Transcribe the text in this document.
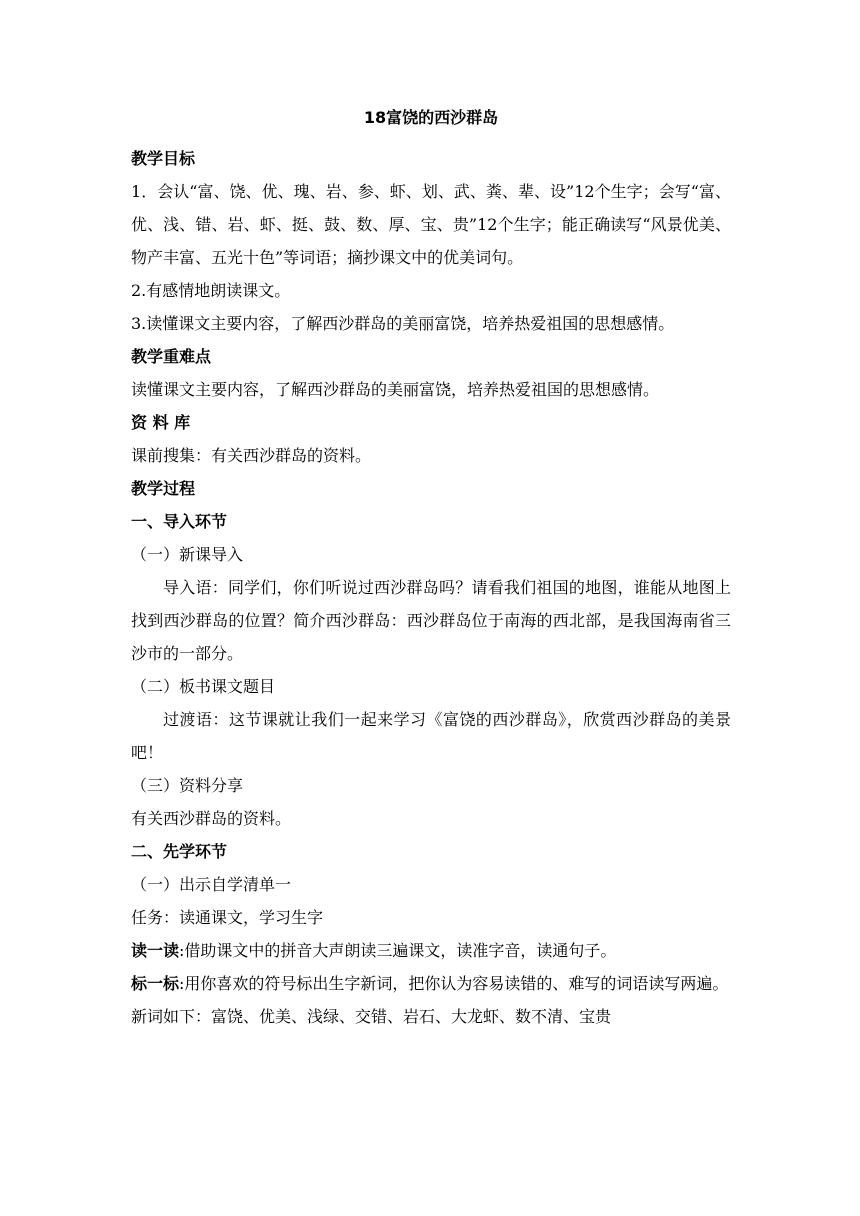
18富饶的西沙群岛

教学目标

1．会认“富、饶、优、瑰、岩、参、虾、划、武、粪、辈、设”12个生字；会写“富、优、浅、错、岩、虾、挺、鼓、数、厚、宝、贵”12个生字；能正确读写“风景优美、物产丰富、五光十色”等词语；摘抄课文中的优美词句。

2.有感情地朗读课文。

3.读懂课文主要内容，了解西沙群岛的美丽富饶，培养热爱祖国的思想感情。

教学重难点

读懂课文主要内容，了解西沙群岛的美丽富饶，培养热爱祖国的思想感情。

资 料 库

课前搜集：有关西沙群岛的资料。

教学过程

一、导入环节

（一）新课导入

导入语：同学们，你们听说过西沙群岛吗？请看我们祖国的地图，谁能从地图上找到西沙群岛的位置？简介西沙群岛：西沙群岛位于南海的西北部，是我国海南省三沙市的一部分。

（二）板书课文题目

过渡语：这节课就让我们一起来学习《富饶的西沙群岛》，欣赏西沙群岛的美景吧！

（三）资料分享

有关西沙群岛的资料。

二、先学环节

（一）出示自学清单一

任务：读通课文，学习生字

读一读:借助课文中的拼音大声朗读三遍课文，读准字音，读通句子。

标一标:用你喜欢的符号标出生字新词，把你认为容易读错的、难写的词语读写两遍。

新词如下：富饶、优美、浅绿、交错、岩石、大龙虾、数不清、宝贵
